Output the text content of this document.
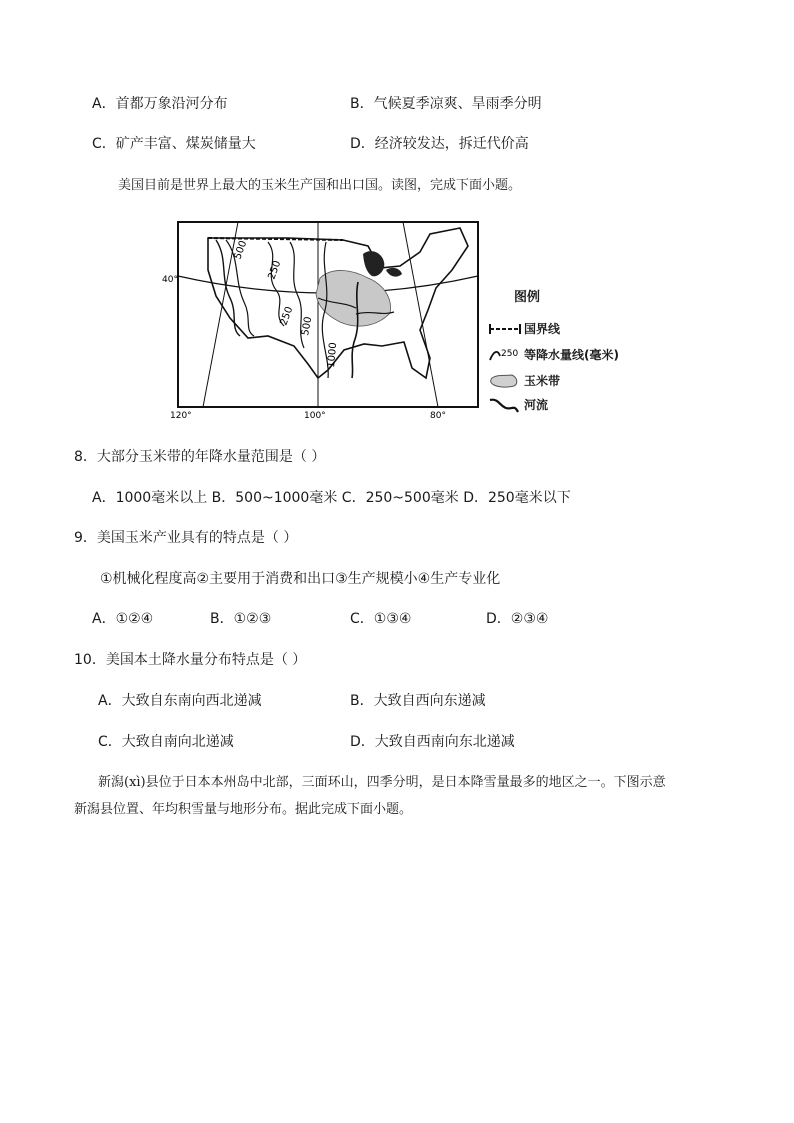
A．首都万象沿河分布	B．气候夏季凉爽、旱雨季分明
C．矿产丰富、煤炭储量大	D．经济较发达，拆迁代价高
美国目前是世界上最大的玉米生产国和出口国。读图，完成下面小题。
500
250
250 500
1000
40°
120°	100°	80°
图例
国界线
250 等降水量线(毫米)
玉米带
河流
8．大部分玉米带的年降水量范围是（ ）
A．1000毫米以上 B．500~1000毫米 C．250~500毫米 D．250毫米以下
9．美国玉米产业具有的特点是（ ）
①机械化程度高②主要用于消费和出口③生产规模小④生产专业化
A．①②④	B．①②③	C．①③④	D．②③④
10．美国本土降水量分布特点是（ ）
A．大致自东南向西北递减	B．大致自西向东递减
C．大致自南向北递减	D．大致自西南向东北递减
新潟(xì)县位于日本本州岛中北部，三面环山，四季分明，是日本降雪量最多的地区之一。下图示意
新潟县位置、年均积雪量与地形分布。据此完成下面小题。
